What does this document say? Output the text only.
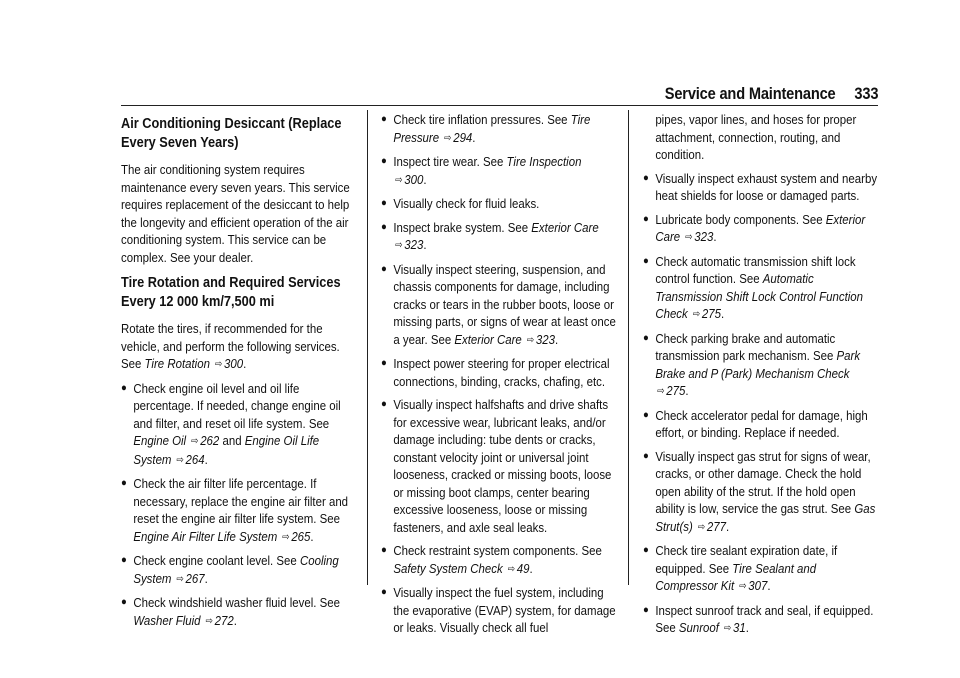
Service and Maintenance 333
Air Conditioning Desiccant (Replace Every Seven Years)

The air conditioning system requires maintenance every seven years. This service requires replacement of the desiccant to help the longevity and efficient operation of the air conditioning system. This service can be complex. See your dealer.

Tire Rotation and Required Services Every 12 000 km/7,500 mi

Rotate the tires, if recommended for the vehicle, and perform the following services. See Tire Rotation ⇨ 300.

● Check engine oil level and oil life percentage. If needed, change engine oil and filter, and reset oil life system. See Engine Oil ⇨ 262 and Engine Oil Life System ⇨ 264.
● Check the air filter life percentage. If necessary, replace the engine air filter and reset the engine air filter life system. See Engine Air Filter Life System ⇨ 265.
● Check engine coolant level. See Cooling System ⇨ 267.
● Check windshield washer fluid level. See Washer Fluid ⇨ 272.
● Check tire inflation pressures. See Tire Pressure ⇨ 294.
● Inspect tire wear. See Tire Inspection
⇨ 300.
● Visually check for fluid leaks.
● Inspect brake system. See Exterior Care
⇨ 323.
● Visually inspect steering, suspension, and chassis components for damage, including cracks or tears in the rubber boots, loose or missing parts, or signs of wear at least once a year. See Exterior Care ⇨ 323.
● Inspect power steering for proper electrical connections, binding, cracks, chafing, etc.
● Visually inspect halfshafts and drive shafts for excessive wear, lubricant leaks, and/or damage including: tube dents or cracks, constant velocity joint or universal joint looseness, cracked or missing boots, loose or missing boot clamps, center bearing excessive looseness, loose or missing fasteners, and axle seal leaks.
● Check restraint system components. See Safety System Check ⇨ 49.
● Visually inspect the fuel system, including the evaporative (EVAP) system, for damage or leaks. Visually check all fuel
pipes, vapor lines, and hoses for proper attachment, connection, routing, and condition.
● Visually inspect exhaust system and nearby heat shields for loose or damaged parts.
● Lubricate body components. See Exterior Care ⇨ 323.
● Check automatic transmission shift lock control function. See Automatic Transmission Shift Lock Control Function Check ⇨ 275.
● Check parking brake and automatic transmission park mechanism. See Park Brake and P (Park) Mechanism Check
⇨ 275.
● Check accelerator pedal for damage, high effort, or binding. Replace if needed.
● Visually inspect gas strut for signs of wear, cracks, or other damage. Check the hold open ability of the strut. If the hold open ability is low, service the gas strut. See Gas Strut(s) ⇨ 277.
● Check tire sealant expiration date, if equipped. See Tire Sealant and Compressor Kit ⇨ 307.
● Inspect sunroof track and seal, if equipped. See Sunroof ⇨ 31.
